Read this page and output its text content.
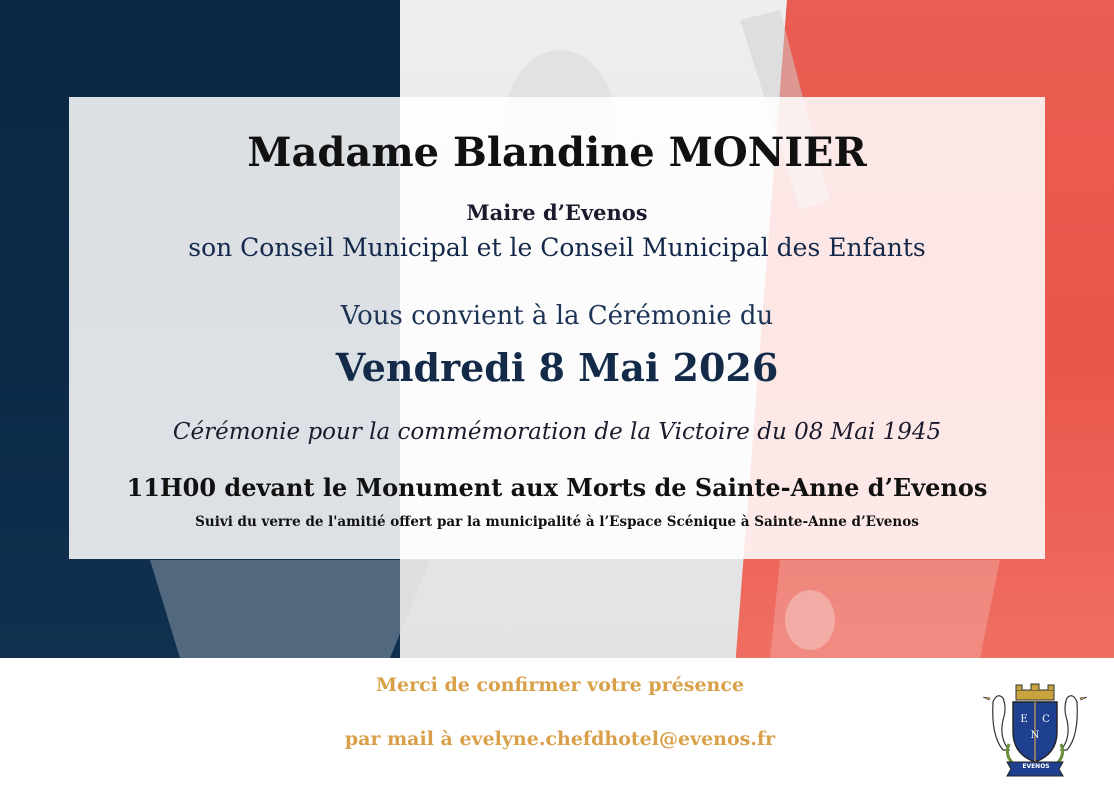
Madame Blandine MONIER
Maire d’Evenos
son Conseil Municipal et le Conseil Municipal des Enfants
Vous convient à la Cérémonie du
Vendredi 8 Mai 2026
Cérémonie pour la commémoration de la Victoire du 08 Mai 1945
11H00 devant le Monument aux Morts de Sainte-Anne d’Evenos
Suivi du verre de l'amitié offert par la municipalité à l’Espace Scénique à Sainte-Anne d’Evenos
Merci de confirmer votre présence
par mail à evelyne.chefdhotel@evenos.fr
E C
N
EVENOS
